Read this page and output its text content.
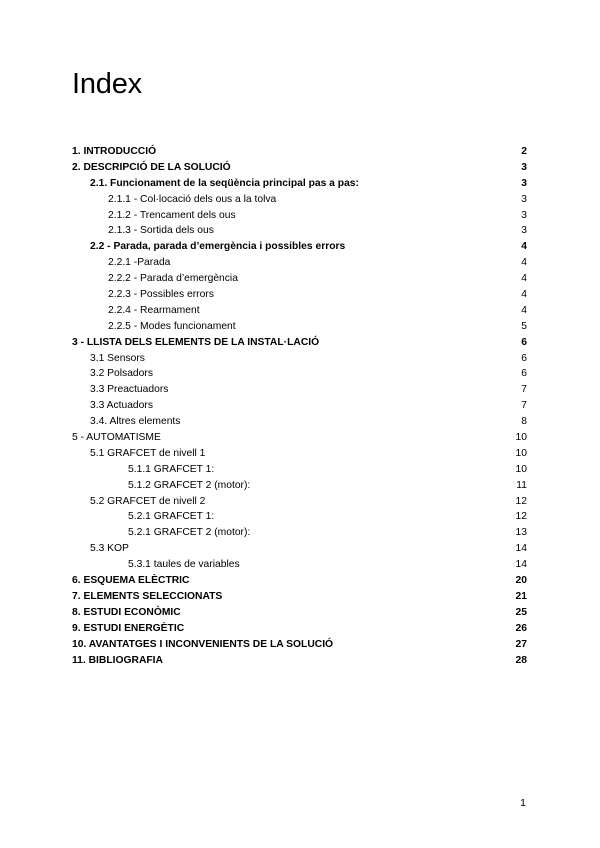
Index
1. INTRODUCCIÓ	2
2. DESCRIPCIÓ DE LA SOLUCIÓ	3
2.1. Funcionament de la seqüència principal pas a pas:	3
2.1.1 - Col·locació dels ous a la tolva	3
2.1.2 - Trencament dels ous	3
2.1.3 - Sortida dels ous	3
2.2 - Parada, parada d’emergència i possibles errors	4
2.2.1 -Parada	4
2.2.2 - Parada d’emergència	4
2.2.3 - Possibles errors	4
2.2.4 - Rearmament	4
2.2.5 - Modes funcionament	5
3 - LLISTA DELS ELEMENTS DE LA INSTAL·LACIÓ	6
3.1 Sensors	6
3.2 Polsadors	6
3.3 Preactuadors	7
3.3 Actuadors	7
3.4. Altres elements	8
5 - AUTOMATISME	10
5.1 GRAFCET de nivell 1	10
5.1.1 GRAFCET 1:	10
5.1.2 GRAFCET 2 (motor):	11
5.2 GRAFCET de nivell 2	12
5.2.1 GRAFCET 1:	12
5.2.1 GRAFCET 2 (motor):	13
5.3 KOP	14
5.3.1 taules de variables	14
6. ESQUEMA ELÈCTRIC	20
7. ELEMENTS SELECCIONATS	21
8. ESTUDI ECONÒMIC	25
9. ESTUDI ENERGÈTIC	26
10. AVANTATGES I INCONVENIENTS DE LA SOLUCIÓ	27
11. BIBLIOGRAFIA	28
1
